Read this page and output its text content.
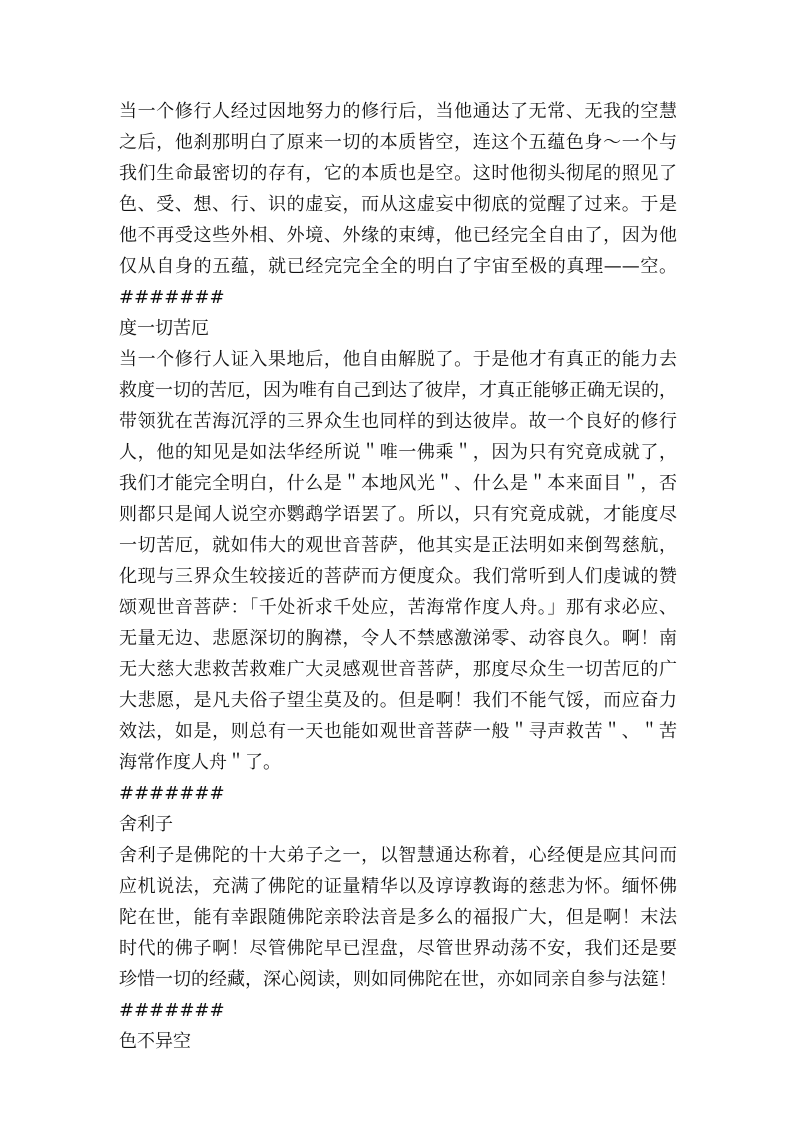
当一个修行人经过因地努力的修行后，当他通达了无常、无我的空慧
之后，他刹那明白了原来一切的本质皆空，连这个五蕴色身～一个与
我们生命最密切的存有，它的本质也是空。这时他彻头彻尾的照见了
色、受、想、行、识的虚妄，而从这虚妄中彻底的觉醒了过来。于是
他不再受这些外相、外境、外缘的束缚，他已经完全自由了，因为他
仅从自身的五蕴，就已经完完全全的明白了宇宙至极的真理——空。
#######
度一切苦厄
当一个修行人证入果地后，他自由解脱了。于是他才有真正的能力去
救度一切的苦厄，因为唯有自己到达了彼岸，才真正能够正确无误的，
带领犹在苦海沉浮的三界众生也同样的到达彼岸。故一个良好的修行
人，他的知见是如法华经所说＂唯一佛乘＂，因为只有究竟成就了，
我们才能完全明白，什么是＂本地风光＂、什么是＂本来面目＂，否
则都只是闻人说空亦鹦鹉学语罢了。所以，只有究竟成就，才能度尽
一切苦厄，就如伟大的观世音菩萨，他其实是正法明如来倒驾慈航，
化现与三界众生较接近的菩萨而方便度众。我们常听到人们虔诚的赞
颂观世音菩萨：「千处祈求千处应，苦海常作度人舟。」那有求必应、
无量无边、悲愿深切的胸襟，令人不禁感激涕零、动容良久。啊！南
无大慈大悲救苦救难广大灵感观世音菩萨，那度尽众生一切苦厄的广
大悲愿，是凡夫俗子望尘莫及的。但是啊！我们不能气馁，而应奋力
效法，如是，则总有一天也能如观世音菩萨一般＂寻声救苦＂、＂苦
海常作度人舟＂了。
#######
舍利子
舍利子是佛陀的十大弟子之一，以智慧通达称着，心经便是应其问而
应机说法，充满了佛陀的证量精华以及谆谆教诲的慈悲为怀。缅怀佛
陀在世，能有幸跟随佛陀亲聆法音是多么的福报广大，但是啊！末法
时代的佛子啊！尽管佛陀早已涅盘，尽管世界动荡不安，我们还是要
珍惜一切的经藏，深心阅读，则如同佛陀在世，亦如同亲自参与法筵！
#######
色不异空
